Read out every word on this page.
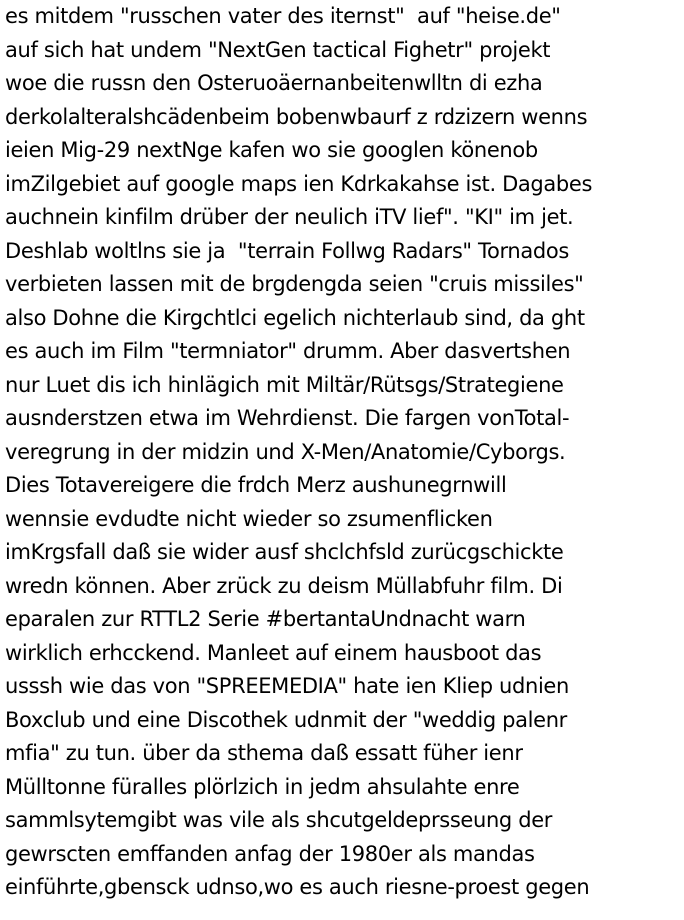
es mitdem "russchen vater des iternst"  auf "heise.de"
auf sich hat undem "NextGen tactical Fighetr" projekt
woe die russn den Osteruoäernanbeitenwlltn di ezha
derkolalteralshcädenbeim bobenwbaurf z rdzizern wenns
ieien Mig-29 nextNge kafen wo sie googlen könenob
imZilgebiet auf google maps ien Kdrkakahse ist. Dagabes
auchnein kinfilm drüber der neulich iTV lief". "KI" im jet.
Deshlab woltlns sie ja  "terrain Follwg Radars" Tornados
verbieten lassen mit de brgdengda seien "cruis missiles"
also Dohne die Kirgchtlci egelich nichterlaub sind, da ght
es auch im Film "termniator" drumm. Aber dasvertshen
nur Luet dis ich hinlägich mit Miltär/Rütsgs/Strategiene
ausnderstzen etwa im Wehrdienst. Die fargen vonTotal-
veregrung in der midzin und X-Men/Anatomie/Cyborgs.
Dies Totavereigere die frdch Merz aushunegrnwill
wennsie evdudte nicht wieder so zsumenflicken
imKrgsfall daß sie wider ausf shclchfsld zurücgschickte
wredn können. Aber zrück zu deism Müllabfuhr film. Di
eparalen zur RTTL2 Serie #bertantaUndnacht warn
wirklich erhcckend. Manleet auf einem hausboot das
usssh wie das von "SPREEMEDIA" hate ien Kliep udnien
Boxclub und eine Discothek udnmit der "weddig palenr
mfia" zu tun. über da sthema daß essatt füher ienr
Mülltonne füralles plörlzich in jedm ahsulahte enre
sammlsytemgibt was vile als shcutgeldeprsseung der
gewrscten emffanden anfag der 1980er als mandas
einführte,gbensck udnso,wo es auch riesne-proest gegen
